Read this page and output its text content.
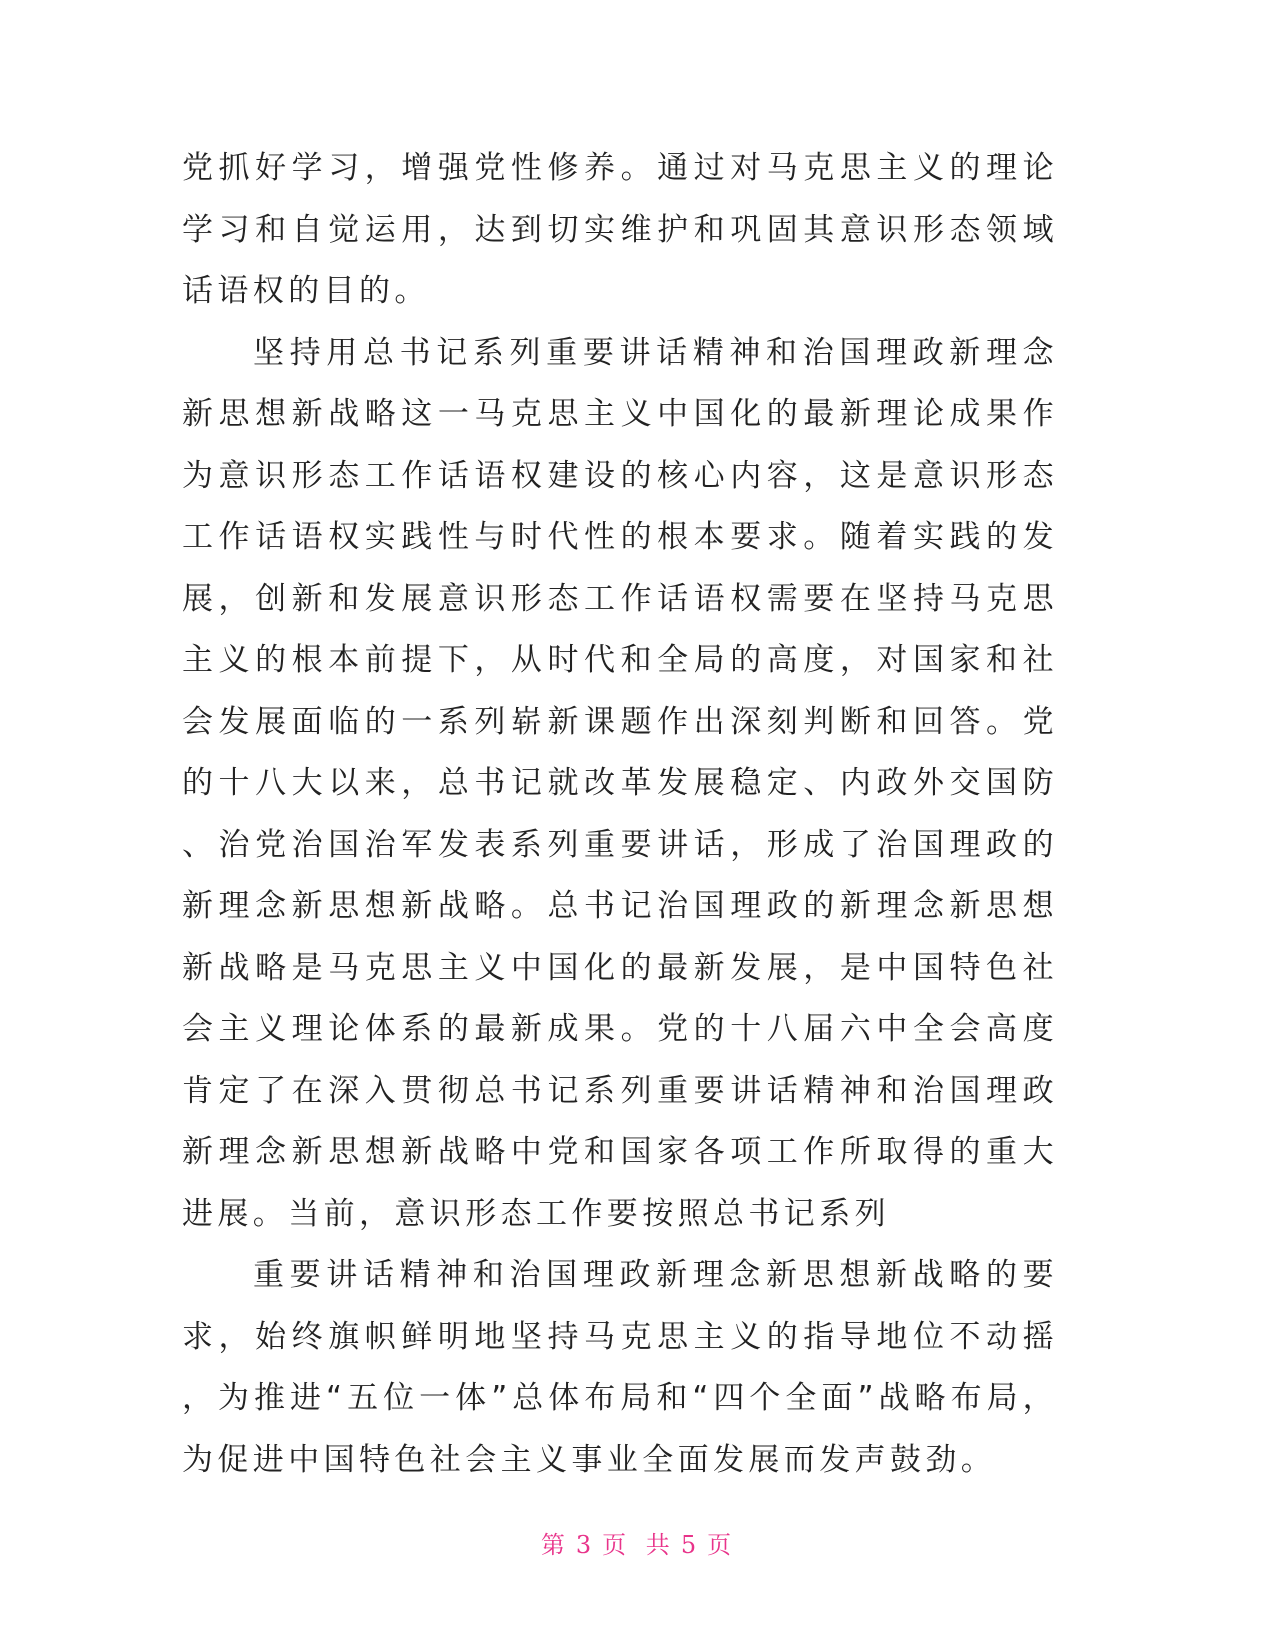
党抓好学习，增强党性修养。通过对马克思主义的理论学习和自觉运用，达到切实维护和巩固其意识形态领域话语权的目的。

坚持用总书记系列重要讲话精神和治国理政新理念新思想新战略这一马克思主义中国化的最新理论成果作为意识形态工作话语权建设的核心内容，这是意识形态工作话语权实践性与时代性的根本要求。随着实践的发展，创新和发展意识形态工作话语权需要在坚持马克思主义的根本前提下，从时代和全局的高度，对国家和社会发展面临的一系列崭新课题作出深刻判断和回答。党的十八大以来，总书记就改革发展稳定、内政外交国防、治党治国治军发表系列重要讲话，形成了治国理政的新理念新思想新战略。总书记治国理政的新理念新思想新战略是马克思主义中国化的最新发展，是中国特色社会主义理论体系的最新成果。党的十八届六中全会高度肯定了在深入贯彻总书记系列重要讲话精神和治国理政新理念新思想新战略中党和国家各项工作所取得的重大进展。当前，意识形态工作要按照总书记系列

重要讲话精神和治国理政新理念新思想新战略的要求，始终旗帜鲜明地坚持马克思主义的指导地位不动摇，为推进“五位一体”总体布局和“四个全面”战略布局，为促进中国特色社会主义事业全面发展而发声鼓劲。

第 3 页 共 5 页
